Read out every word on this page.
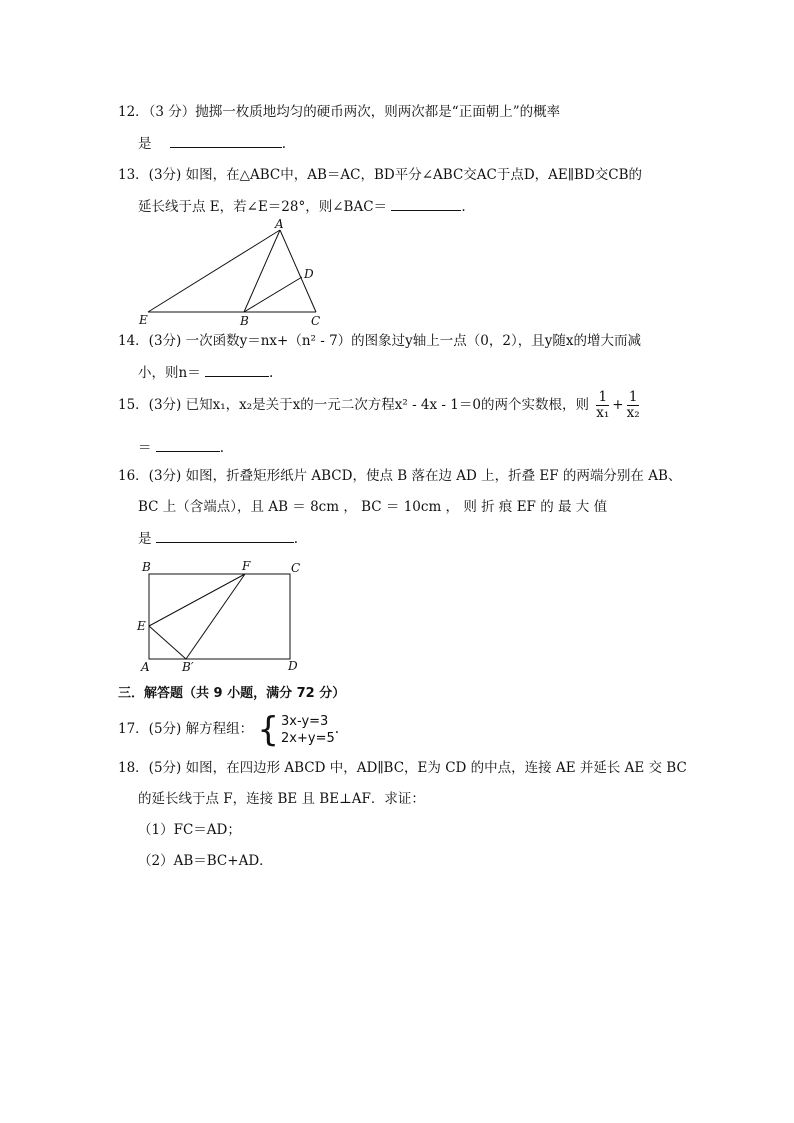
12．（3 分）抛掷一枚质地均匀的硬币两次，则两次都是“正面朝上”的概率
是	.
13．(3分) 如图，在△ABC中，AB＝AC，BD平分∠ABC交AC于点D，AE∥BD交CB的
延长线于点 E，若∠E＝28°，则∠BAC＝	.
A
D
E	B	C
14．(3分) 一次函数y＝nx+（n² - 7）的图象过y轴上一点（0，2），且y随x的增大而减
小，则n＝	.
15．(3分) 已知x₁，x₂是关于x的一元二次方程x² - 4x - 1＝0的两个实数根，则 $\frac{1}{\text{x₁}} + \frac{1}{\text{x₂}}$
＝	.
16．(3分) 如图，折叠矩形纸片 ABCD，使点 B 落在边 AD 上，折叠 EF 的两端分别在 AB、
BC 上（含端点），且 AB ＝ 8cm ， BC ＝ 10cm ， 则 折 痕 EF 的 最 大 值
是	.
B	F	C
E
A	B′	D
三．解答题（共 9 小题，满分 72 分）
17．(5分) 解方程组： { 3x-y=3
2x+y=5
.
18．(5分) 如图，在四边形 ABCD 中，AD∥BC，E为 CD 的中点，连接 AE 并延长 AE 交 BC
的延长线于点 F，连接 BE 且 BE⊥AF．求证：
（1）FC＝AD；
（2）AB＝BC+AD．
